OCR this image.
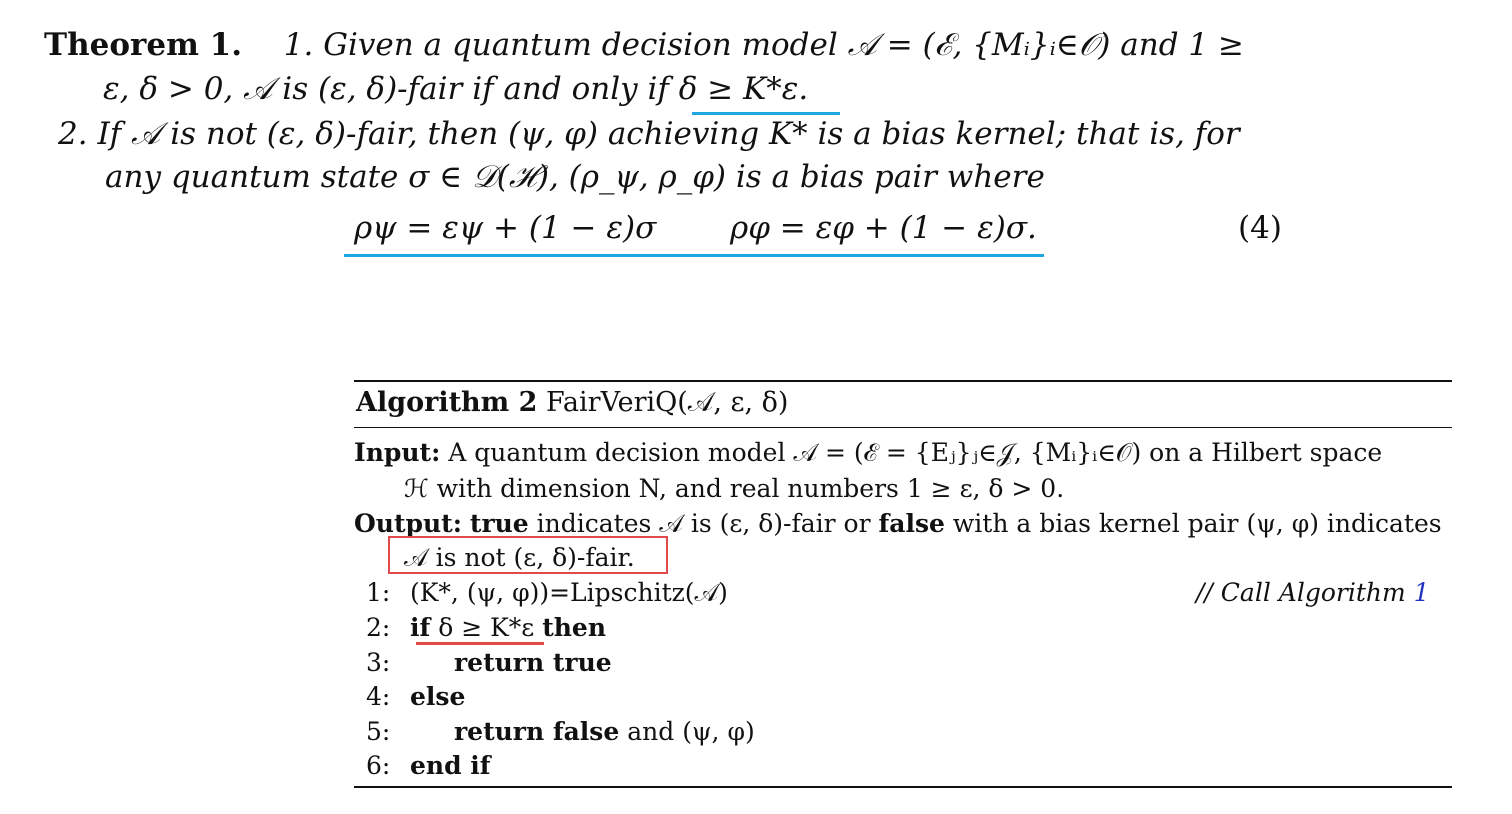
Theorem 1. 1. Given a quantum decision model 𝒜 = (ℰ, {Mᵢ}ᵢ∈𝒪) and 1 ≥
ε, δ > 0, 𝒜 is (ε, δ)-fair if and only if δ ≥ K*ε.
2. If 𝒜 is not (ε, δ)-fair, then (ψ, φ) achieving K* is a bias kernel; that is, for
any quantum state σ ∈ 𝒟(ℋ), (ρ_ψ, ρ_φ) is a bias pair where
ρψ = εψ + (1 − ε)σ ρφ = εφ + (1 − ε)σ.	(4)
Algorithm 2 FairVeriQ(𝒜, ε, δ)
Input: A quantum decision model 𝒜 = (ℰ = {Eⱼ}ⱼ∈𝒥, {Mᵢ}ᵢ∈𝒪) on a Hilbert space
ℋ with dimension N, and real numbers 1 ≥ ε, δ > 0.
Output: true indicates 𝒜 is (ε, δ)-fair or false with a bias kernel pair (ψ, φ) indicates
𝒜 is not (ε, δ)-fair.
1: (K*, (ψ, φ))=Lipschitz(𝒜)	// Call Algorithm 1
2: if δ ≥ K*ε then
3:	return true
4: else
5:	return false and (ψ, φ)
6: end if
